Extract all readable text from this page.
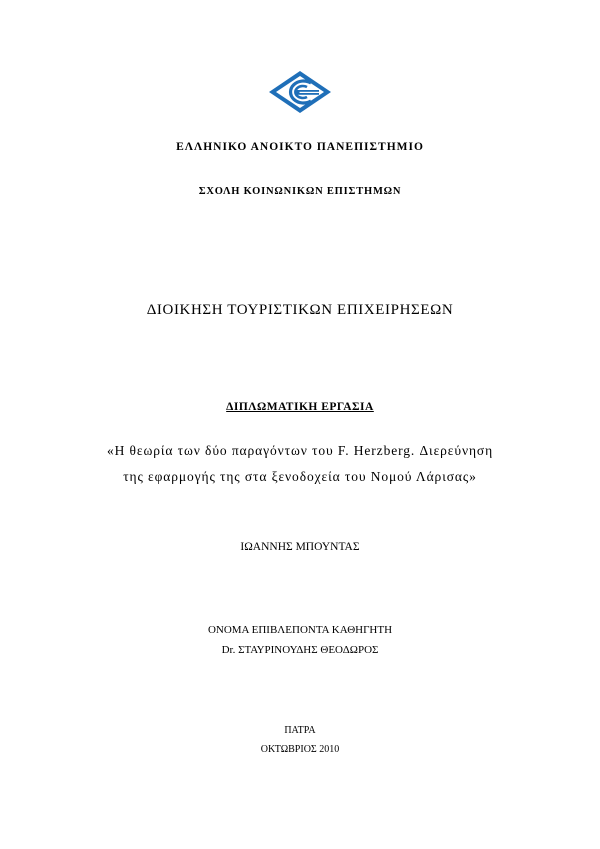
ΕΛΛΗΝΙΚΟ ΑΝΟΙΚΤΟ ΠΑΝΕΠΙΣΤΗΜΙΟ
ΣΧΟΛΗ ΚΟΙΝΩΝΙΚΩΝ ΕΠΙΣΤΗΜΩΝ
ΔΙΟΙΚΗΣΗ ΤΟΥΡΙΣΤΙΚΩΝ ΕΠΙΧΕΙΡΗΣΕΩΝ
ΔΙΠΛΩΜΑΤΙΚΗ ΕΡΓΑΣΙΑ
«Η θεωρία των δύο παραγόντων του F. Herzberg. Διερεύνηση
της εφαρμογής της στα ξενοδοχεία του Νομού Λάρισας»
ΙΩΑΝΝΗΣ ΜΠΟΥΝΤΑΣ
ΟΝΟΜΑ ΕΠΙΒΛΕΠΟΝΤΑ ΚΑΘΗΓΗΤΗ
Dr. ΣΤΑΥΡΙΝΟΥΔΗΣ ΘΕΟΔΩΡΟΣ
ΠΑΤΡΑ
ΟΚΤΩΒΡΙΟΣ 2010
